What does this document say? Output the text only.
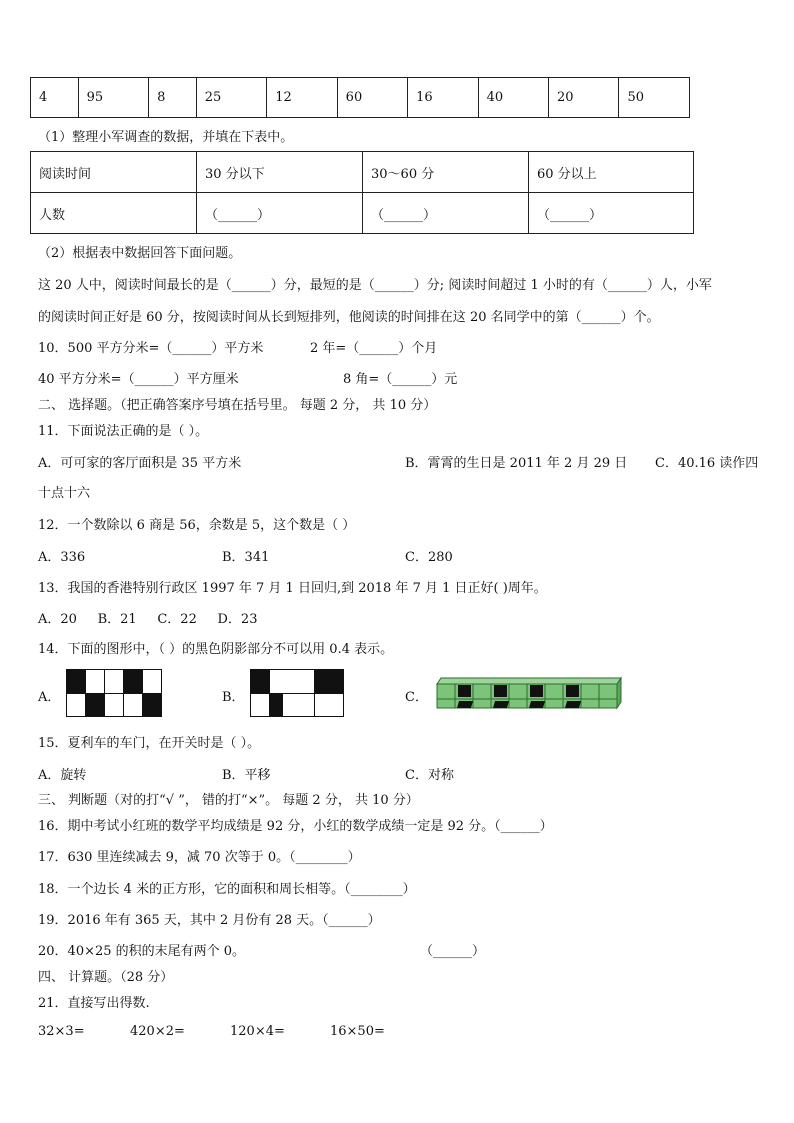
4	95	8	25	12	60	16	40	20	50
（1）整理小军调查的数据，并填在下表中。
阅读时间	30 分以下	30～60 分	60 分以上
人数	（______）	（______）	（______）
（2）根据表中数据回答下面问题。
这 20 人中，阅读时间最长的是（______）分，最短的是（______）分; 阅读时间超过 1 小时的有（______）人，小军
的阅读时间正好是 60 分，按阅读时间从长到短排列，他阅读的时间排在这 20 名同学中的第（______）个。
10．500 平方分米=（______）平方米	2 年=（______）个月
40 平方分米=（______）平方厘米	8 角=（______）元
二、 选择题。（把正确答案序号填在括号里。 每题 2 分， 共 10 分）
11．下面说法正确的是（ ）。
A．可可家的客厅面积是 35 平方米	B．霄霄的生日是 2011 年 2 月 29 日 C．40.16 读作四
十点十六
12．一个数除以 6 商是 56，余数是 5，这个数是（ ）
A．336	B．341	C．280
13．我国的香港特别行政区 1997 年 7 月 1 日回归,到 2018 年 7 月 1 日正好( )周年。
A．20     B．21     C．22     D．23
14．下面的图形中，（ ）的黑色阴影部分不可以用 0.4 表示。
A．	B．	C．
15．夏利车的车门，在开关时是（ ）。
A．旋转	B．平移	C．对称
三、 判断题（对的打“√ ”， 错的打“×”。 每题 2 分， 共 10 分）
16．期中考试小红班的数学平均成绩是 92 分，小红的数学成绩一定是 92 分。（______）
17．630 里连续减去 9，减 70 次等于 0。（________）
18．一个边长 4 米的正方形，它的面积和周长相等。（________）
19．2016 年有 365 天，其中 2 月份有 28 天。（______）
20．40×25 的积的末尾有两个 0。	（______）
四、 计算题。（28 分）
21．直接写出得数.
32×3=	420×2=	120×4=	16×50=
